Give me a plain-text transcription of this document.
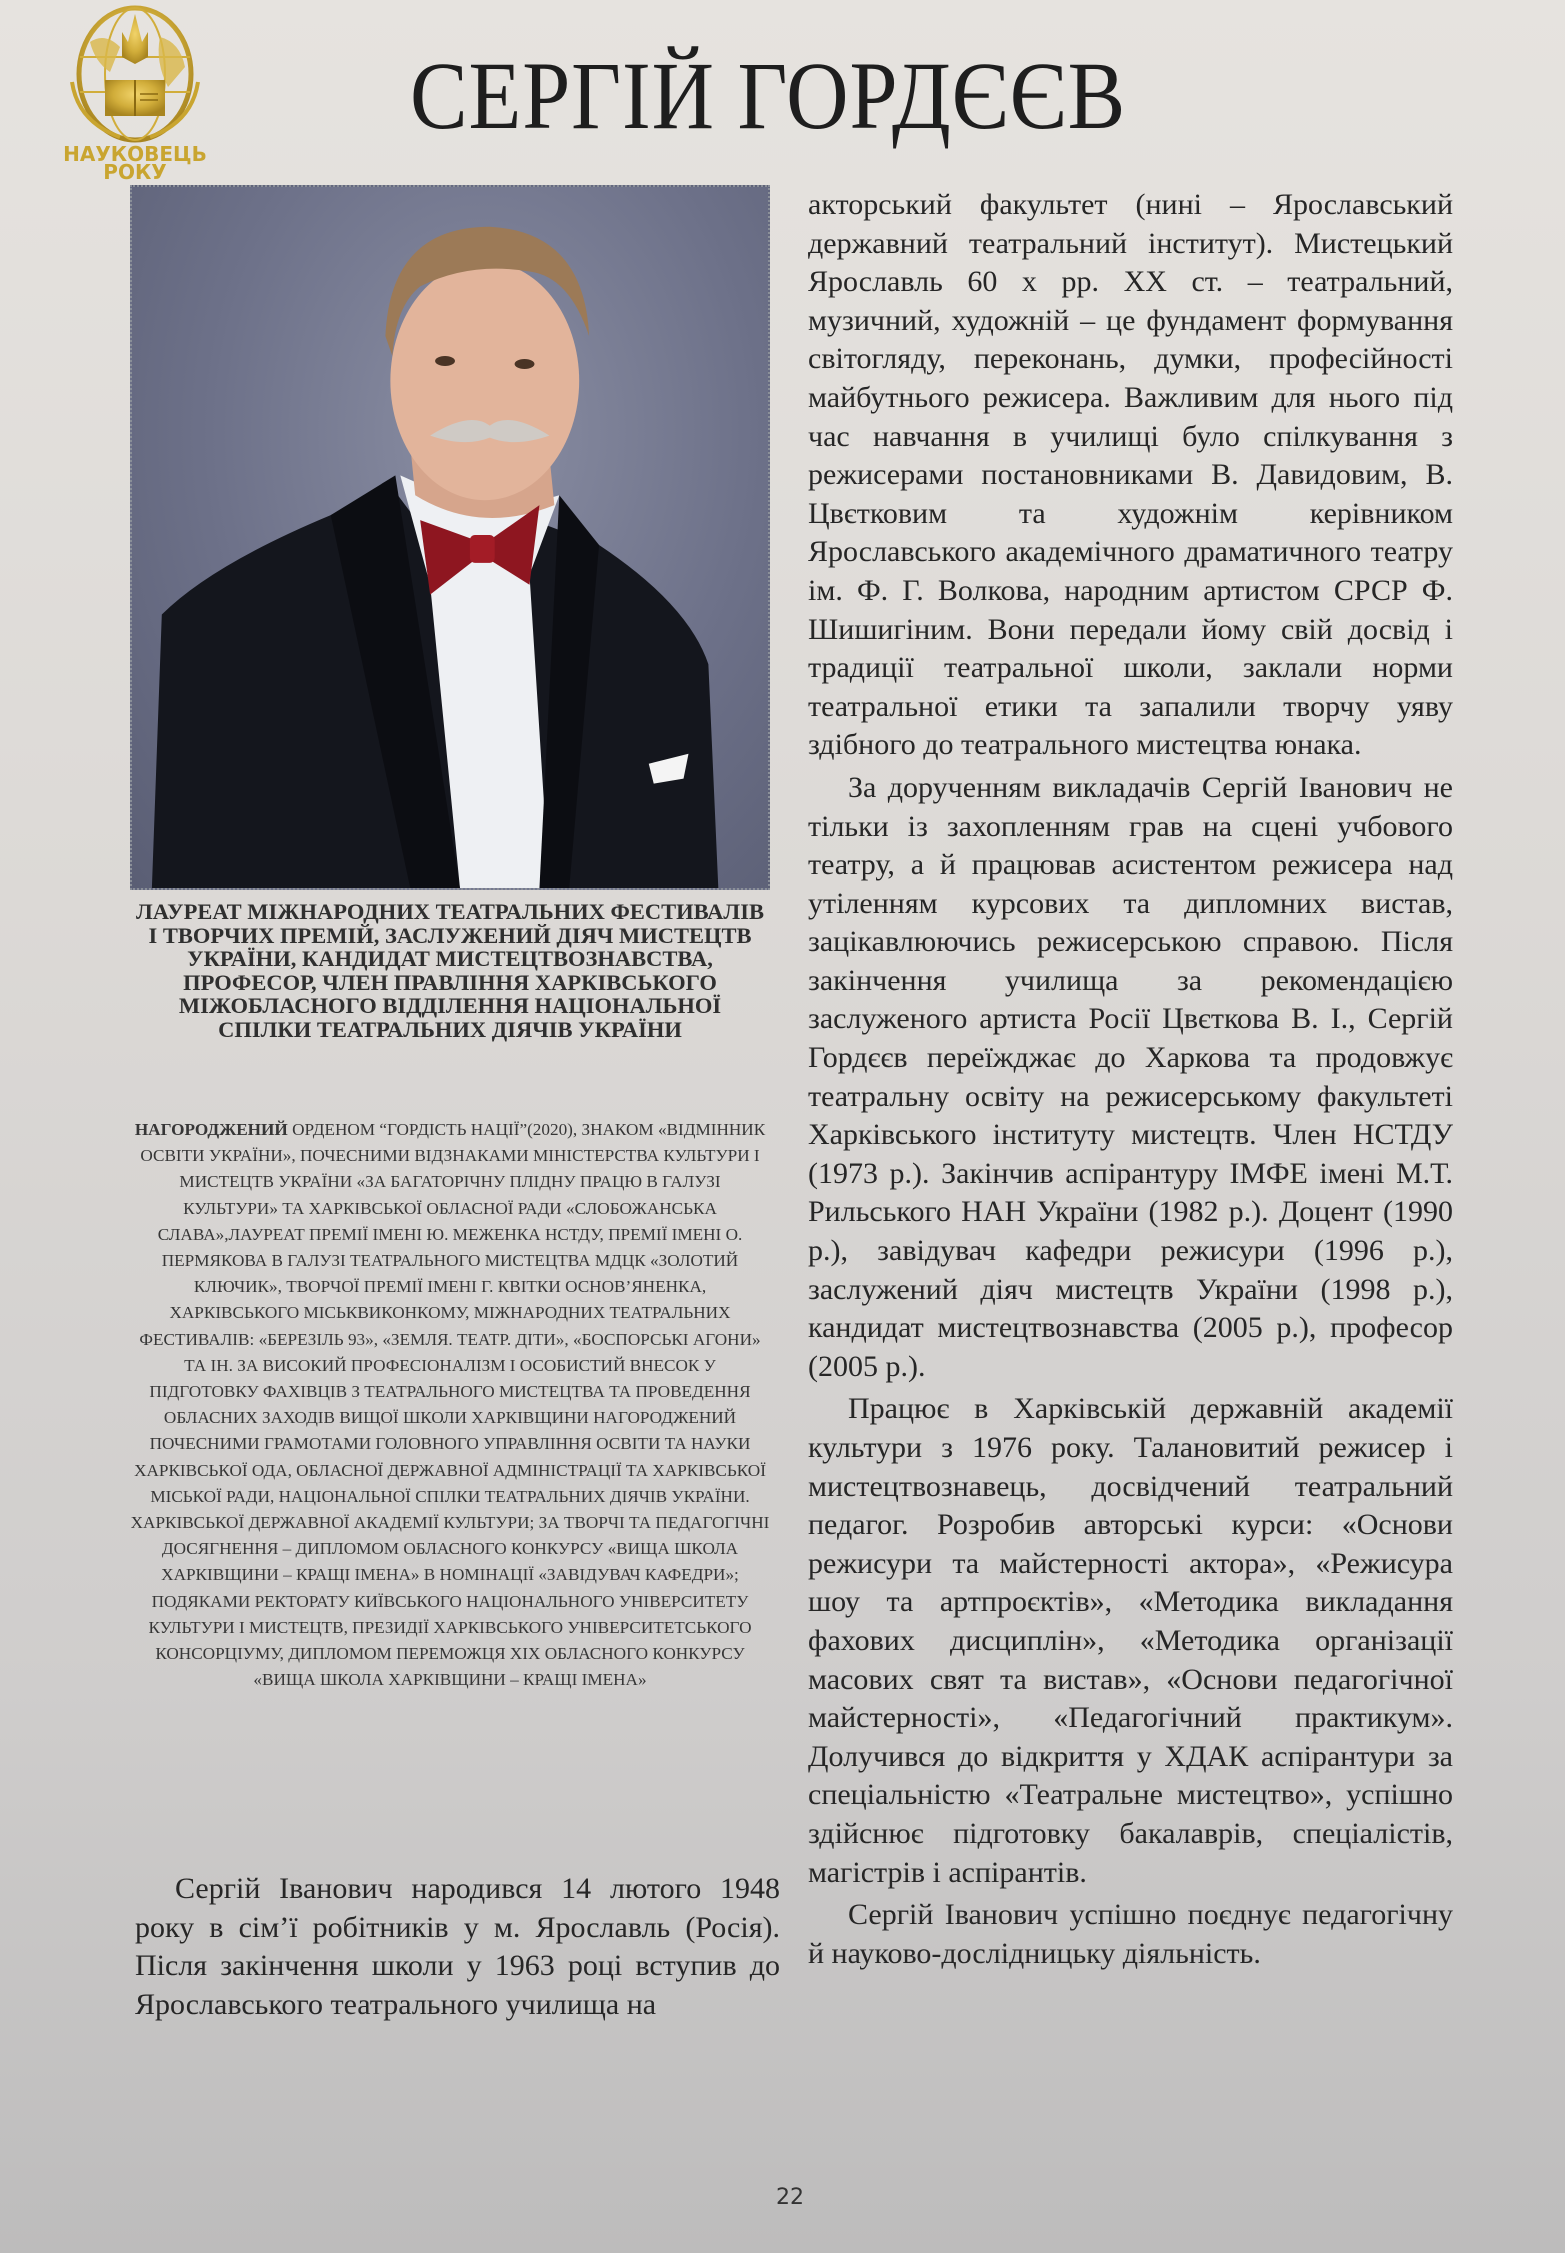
НАУКОВЕЦЬ
РОКУ
СЕРГІЙ ГОРДЄЄВ
ЛАУРЕАТ МІЖНАРОДНИХ ТЕАТРАЛЬНИХ ФЕСТИВАЛІВ І ТВОРЧИХ ПРЕМІЙ, ЗАСЛУЖЕНИЙ ДІЯЧ МИСТЕЦТВ УКРАЇНИ, КАНДИДАТ МИСТЕЦТВОЗНАВСТВА, ПРОФЕСОР, ЧЛЕН ПРАВЛІННЯ ХАРКІВСЬКОГО МІЖОБЛАСНОГО ВІДДІЛЕННЯ НАЦІОНАЛЬНОЇ СПІЛКИ ТЕАТРАЛЬНИХ ДІЯЧІВ УКРАЇНИ
НАГОРОДЖЕНИЙ ОРДЕНОМ “ГОРДІСТЬ НАЦІЇ”(2020), ЗНАКОМ «ВІДМІННИК ОСВІТИ УКРАЇНИ», ПОЧЕСНИМИ ВІДЗНАКАМИ МІНІСТЕРСТВА КУЛЬТУРИ І МИСТЕЦТВ УКРАЇНИ «ЗА БАГАТОРІЧНУ ПЛІДНУ ПРАЦЮ В ГАЛУЗІ КУЛЬТУРИ» ТА ХАРКІВСЬКОЇ ОБЛАСНОЇ РАДИ «СЛОБОЖАНСЬКА СЛАВА»,ЛАУРЕАТ ПРЕМІЇ ІМЕНІ Ю. МЕЖЕНКА НСТДУ, ПРЕМІЇ ІМЕНІ О. ПЕРМЯКОВА В ГАЛУЗІ ТЕАТРАЛЬНОГО МИСТЕЦТВА МДЦК «ЗОЛОТИЙ КЛЮЧИК», ТВОРЧОЇ ПРЕМІЇ ІМЕНІ Г. КВІТКИ ОСНОВ’ЯНЕНКА, ХАРКІВСЬКОГО МІСЬКВИКОНКОМУ, МІЖНАРОДНИХ ТЕАТРАЛЬНИХ ФЕСТИВАЛІВ: «БЕРЕЗІЛЬ 93», «ЗЕМЛЯ. ТЕАТР. ДІТИ», «БОСПОРСЬКІ АГОНИ» ТА ІН. ЗА ВИСОКИЙ ПРОФЕСІОНАЛІЗМ І ОСОБИСТИЙ ВНЕСОК У ПІДГОТОВКУ ФАХІВЦІВ З ТЕАТРАЛЬНОГО МИСТЕЦТВА ТА ПРОВЕДЕННЯ ОБЛАСНИХ ЗАХОДІВ ВИЩОЇ ШКОЛИ ХАРКІВЩИНИ НАГОРОДЖЕНИЙ ПОЧЕСНИМИ ГРАМОТАМИ ГОЛОВНОГО УПРАВЛІННЯ ОСВІТИ ТА НАУКИ ХАРКІВСЬКОЇ ОДА, ОБЛАСНОЇ ДЕРЖАВНОЇ АДМІНІСТРАЦІЇ ТА ХАРКІВСЬКОЇ МІСЬКОЇ РАДИ, НАЦІОНАЛЬНОЇ СПІЛКИ ТЕАТРАЛЬНИХ ДІЯЧІВ УКРАЇНИ. ХАРКІВСЬКОЇ ДЕРЖАВНОЇ АКАДЕМІЇ КУЛЬТУРИ; ЗА ТВОРЧІ ТА ПЕДАГОГІЧНІ ДОСЯГНЕННЯ – ДИПЛОМОМ ОБЛАСНОГО КОНКУРСУ «ВИЩА ШКОЛА ХАРКІВЩИНИ – КРАЩІ ІМЕНА» В НОМІНАЦІЇ «ЗАВІДУВАЧ КАФЕДРИ»; ПОДЯКАМИ РЕКТОРАТУ КИЇВСЬКОГО НАЦІОНАЛЬНОГО УНІВЕРСИТЕТУ КУЛЬТУРИ І МИСТЕЦТВ, ПРЕЗИДІЇ ХАРКІВСЬКОГО УНІВЕРСИТЕТСЬКОГО КОНСОРЦІУМУ, ДИПЛОМОМ ПЕРЕМОЖЦЯ XIX ОБЛАСНОГО КОНКУРСУ «ВИЩА ШКОЛА ХАРКІВЩИНИ – КРАЩІ ІМЕНА»

Сергій Іванович народився 14 лютого 1948 року в сім’ї робітників у м. Ярославль (Росія). Після закінчення школи у 1963 році вступив до Ярославського театрального училища на

акторський факультет (нині – Ярославський державний театральний інститут). Мистецький Ярославль 60 х рр. XX ст. – театральний, музичний, художній – це фундамент формування світогляду, переконань, думки, професійності майбутнього режисера. Важливим для нього під час навчання в училищі було спілкування з режисерами постановниками В. Давидовим, В. Цвєтковим та художнім керівником Ярославського академічного драматичного театру ім. Ф. Г. Волкова, народним артистом СРСР Ф. Шишигіним. Вони передали йому свій досвід і традиції театральної школи, заклали норми театральної етики та запалили творчу уяву здібного до театрального мистецтва юнака.

За дорученням викладачів Сергій Іванович не тільки із захопленням грав на сцені учбового театру, а й працював асистентом режисера над утіленням курсових та дипломних вистав, зацікавлюючись режисерською справою. Після закінчення училища за рекомендацією заслуженого артиста Росії Цвєткова В. І., Сергій Гордєєв переїжджає до Харкова та продовжує театральну освіту на режисерському факультеті Харківського інституту мистецтв. Член НСТДУ (1973 р.). Закінчив аспірантуру ІМФЕ імені М.Т. Рильського НАН України (1982 р.). Доцент (1990 р.), завідувач кафедри режисури (1996 р.), заслужений діяч мистецтв України (1998 р.), кандидат мистецтвознавства (2005 р.), професор (2005 р.).

Працює в Харківській державній академії культури з 1976 року. Талановитий режисер і мистецтвознавець, досвідчений театральний педагог. Розробив авторські курси: «Основи режисури та майстерності актора», «Режисура шоу та артпроєктів», «Методика викладання фахових дисциплін», «Методика організації масових свят та вистав», «Основи педагогічної майстерності», «Педагогічний практикум». Долучився до відкриття у ХДАК аспірантури за спеціальністю «Театральне мистецтво», успішно здійснює підготовку бакалаврів, спеціалістів, магістрів і аспірантів.

Сергій Іванович успішно поєднує педагогічну й науково-дослідницьку діяльність.

22
